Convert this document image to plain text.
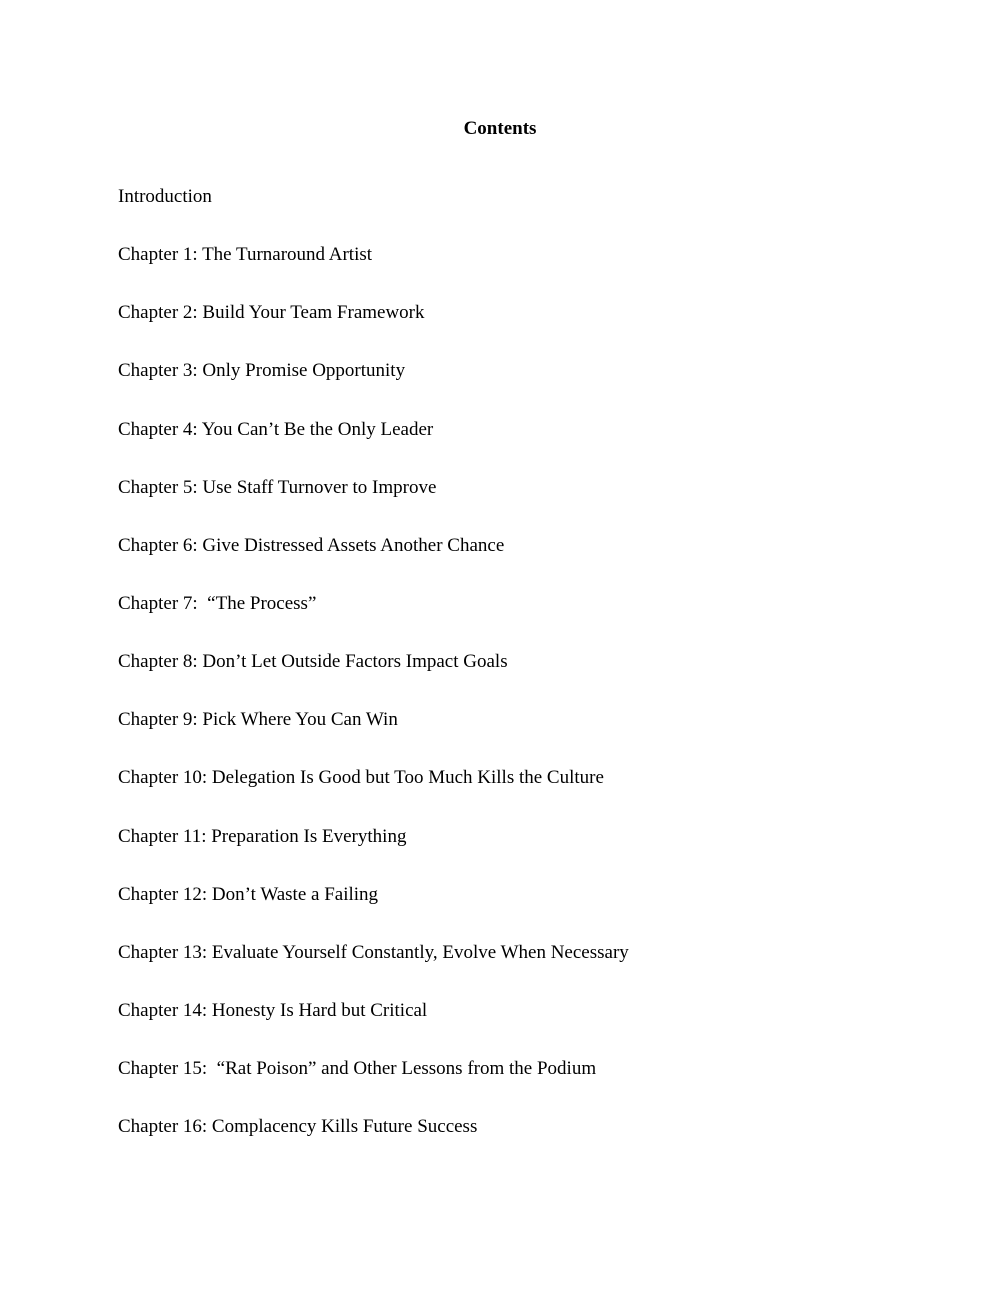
Contents
Introduction
Chapter 1: The Turnaround Artist
Chapter 2: Build Your Team Framework
Chapter 3: Only Promise Opportunity
Chapter 4: You Can’t Be the Only Leader
Chapter 5: Use Staff Turnover to Improve
Chapter 6: Give Distressed Assets Another Chance
Chapter 7:  “The Process”
Chapter 8: Don’t Let Outside Factors Impact Goals
Chapter 9: Pick Where You Can Win
Chapter 10: Delegation Is Good but Too Much Kills the Culture
Chapter 11: Preparation Is Everything
Chapter 12: Don’t Waste a Failing
Chapter 13: Evaluate Yourself Constantly, Evolve When Necessary
Chapter 14: Honesty Is Hard but Critical
Chapter 15:  “Rat Poison” and Other Lessons from the Podium
Chapter 16: Complacency Kills Future Success
